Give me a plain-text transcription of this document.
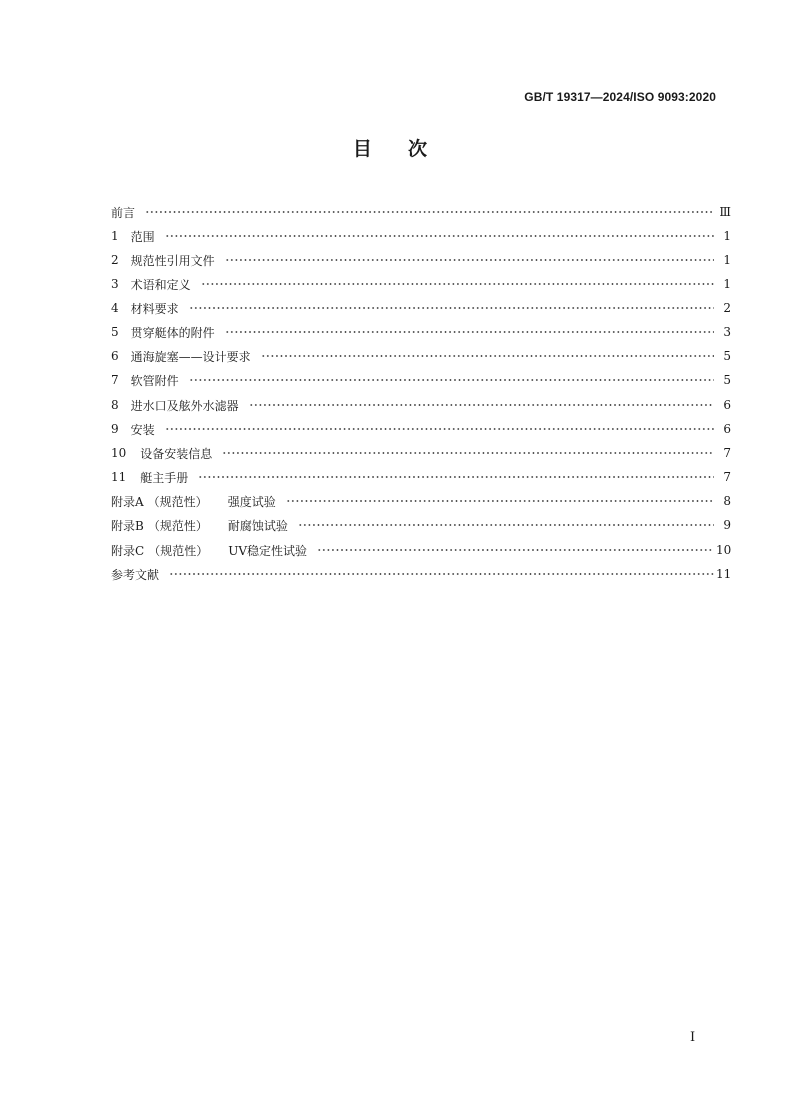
GB/T 19317—2024/ISO 9093:2020
目次
前言	Ⅲ
1 范围	1
2 规范性引用文件	1
3 术语和定义	1
4 材料要求	2
5 贯穿艇体的附件	3
6 通海旋塞——设计要求	5
7 软管附件	5
8 进水口及舷外水滤器	6
9 安装	6
10 设备安装信息	7
11 艇主手册	7
附录A （规范性） 强度试验	8
附录B （规范性） 耐腐蚀试验	9
附录C （规范性） UV稳定性试验	10
参考文献	11
I
